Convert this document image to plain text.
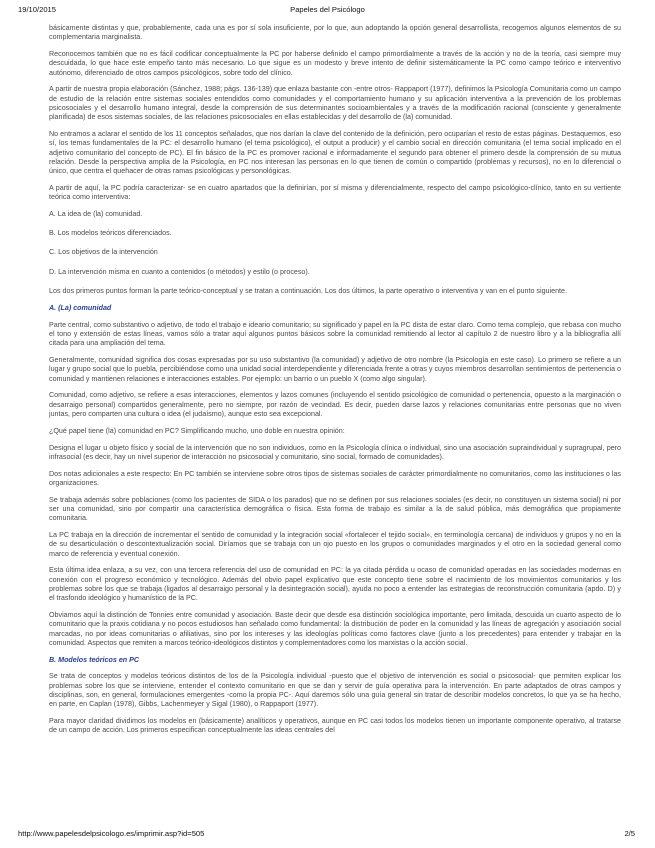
19/10/2015	Papeles del Psicólogo

básicamente distintas y que, probablemente, cada una es por sí sola insuficiente, por lo que, aun adoptando la opción general desarrollista, recogemos algunos elementos de su complementaria marginalista.

Reconocemos también que no es fácil codificar conceptualmente la PC por haberse definido el campo primordialmente a través de la acción y no de la teoría, casi siempre muy descuidada, lo que hace este empeño tanto más necesario. Lo que sigue es un modesto y breve intento de definir sistemáticamente la PC como campo teórico e interventivo autónomo, diferenciado de otros campos psicológicos, sobre todo del clínico.

A partir de nuestra propia elaboración (Sánchez, 1988; págs. 136-139) que enlaza bastante con -entre otros- Rappaport (1977), definimos la Psicología Comunitaria como un campo de estudio de la relación entre sistemas sociales entendidos como comunidades y el comportamiento humano y su aplicación interventiva a la prevención de los problemas psicosociales y el desarrollo humano integral, desde la comprensión de sus determinantes socioambientales y a través de la modificación racional (consciente y generalmente planificada) de esos sistemas sociales, de las relaciones psicosociales en ellas establecidas y del desarrollo de (la) comunidad.

No entramos a aclarar el sentido de los 11 conceptos señalados, que nos darían la clave del contenido de la definición, pero ocuparían el resto de estas páginas. Destaquemos, eso sí, los temas fundamentales de la PC: el desarrollo humano (el tema psicológico), el output a producir) y el cambio social en dirección comunitaria (el tema social implicado en el adjetivo comunitario del concepto de PC). El fin básico de la PC es promover racional e informadamente el segundo para obtener el primero desde la comprensión de su mutua relación. Desde la perspectiva amplia de la Psicología, en PC nos interesan las personas en lo que tienen de común o compartido (problemas y recursos), no en lo diferencial o único, que centra el quehacer de otras ramas psicológicas y personológicas.

A partir de aquí, la PC podría caracterizar- se en cuatro apartados que la definirían, por sí misma y diferencialmente, respecto del campo psicológico-clínico, tanto en su vertiente teórica como interventiva:

A. La idea de (la) comunidad.

B. Los modelos teóricos diferenciados.

C. Los objetivos de la intervención

D. La intervención misma en cuanto a contenidos (o métodos) y estilo (o proceso).

Los dos primeros puntos forman la parte teórico-conceptual y se tratan a continuación. Los dos últimos, la parte operativo o interventiva y van en el punto siguiente.

A. (La) comunidad

Parte central, como substantivo o adjetivo, de todo el trabajo e ideario comunitario; su significado y papel en la PC dista de estar claro. Como tema complejo, que rebasa con mucho el tono y extensión de estas líneas, vamos sólo a tratar aquí algunos puntos básicos sobre la comunidad remitiendo al lector al capítulo 2 de nuestro libro y a la bibliografía allí citada para una ampliación del tema.

Generalmente, comunidad significa dos cosas expresadas por su uso substantivo (la comunidad) y adjetivo de otro nombre (la Psicología en este caso). Lo primero se refiere a un lugar y grupo social que lo puebla, percibiéndose como una unidad social interdependiente y diferenciada frente a otras y cuyos miembros desarrollan sentimientos de pertenencia o comunidad y mantienen relaciones e interacciones estables. Por ejemplo: un barrio o un pueblo X (como algo singular).

Comunidad, como adjetivo, se refiere a esas interacciones, elementos y lazos comunes (incluyendo el sentido psicológico de comunidad o pertenencia, opuesto a la marginación o desarraigo personal) compartidos generalmente, pero no siempre, por razón de vecindad. Es decir, pueden darse lazos y relaciones comunitarias entre personas que no viven juntas, pero comparten una cultura o idea (el judaísmo), aunque esto sea excepcional.

¿Qué papel tiene (la) comunidad en PC? Simplificando mucho, uno doble en nuestra opinión:

Designa el lugar u objeto físico y social de la intervención que no son individuos, como en la Psicología clínica o individual, sino una asociación supraindividual y supragrupal, pero infrasocial (es decir, hay un nivel superior de interacción no psicosocial y comunitario, sino social, formado de comunidades).

Dos notas adicionales a este respecto: En PC también se interviene sobre otros tipos de sistemas sociales de carácter primordialmente no comunitarios, como las instituciones o las organizaciones.

Se trabaja además sobre poblaciones (como los pacientes de SIDA o los parados) que no se definen por sus relaciones sociales (es decir, no constituyen un sistema social) ni por ser una comunidad, sino por compartir una característica demográfica o física. Esta forma de trabajo es similar a la de salud pública, más demográfica que propiamente comunitaria.

La PC trabaja en la dirección de incrementar el sentido de comunidad y la integración social «fortalecer el tejido social», en terminología cercana) de individuos y grupos y no en la de su desarticulación o descontextualización social. Diríamos que se trabaja con un ojo puesto en los grupos o comunidades marginados y el otro en la sociedad general como marco de referencia y eventual conexión.

Esta última idea enlaza, a su vez, con una tercera referencia del uso de comunidad en PC: la ya citada pérdida u ocaso de comunidad operadas en las sociedades modernas en conexión con el progreso económico y tecnológico. Además del obvio papel explicativo que este concepto tiene sobre el nacimiento de los movimientos comunitarios y los problemas sobre los que se trabaja (ligados al desarraigo personal y la desintegración social), ayuda no poco a entender las estrategias de reconstrucción comunitaria (apdo. D) y el trasfondo ideológico y humanístico de la PC.

Obviamos aquí la distinción de Tonnies entre comunidad y asociación. Baste decir que desde esa distinción sociológica importante, pero limitada, descuida un cuarto aspecto de lo comunitario que la praxis cotidiana y no pocos estudiosos han señalado como fundamental: la distribución de poder en la comunidad y las líneas de agregación y asociación social marcadas, no por ideas comunitarias o afiliativas, sino por los intereses y las ideologías políticas como factores clave (junto a los precedentes) para entender y trabajar en la comunidad. Aspectos que remiten a marcos teórico-ideológicos distintos y complementadores como los marxistas o la acción social.

B. Modelos teóricos en PC

Se trata de conceptos y modelos teóricos distintos de los de la Psicología individual -puesto que el objetivo de intervención es social o psicosocial- que permiten explicar los problemas sobre los que se interviene, entender el contexto comunitario en que se dan y servir de guía operativa para la intervención. En parte adaptados de otras campos y disciplinas, son, en general, formulaciones emergentes -como la propia PC-. Aquí daremos sólo una guía general sin tratar de describir modelos concretos, lo que ya se ha hecho, en parte, en Caplan (1978), Gibbs, Lachenmeyer y Sigal (1980), o Rappaport (1977).

Para mayor claridad dividimos los modelos en (básicamente) analíticos y operativos, aunque en PC casi todos los modelos tienen un importante componente operativo, al tratarse de un campo de acción. Los primeros especifican conceptualmente las ideas centrales del

http://www.papelesdelpsicologo.es/imprimir.asp?id=505	2/5
